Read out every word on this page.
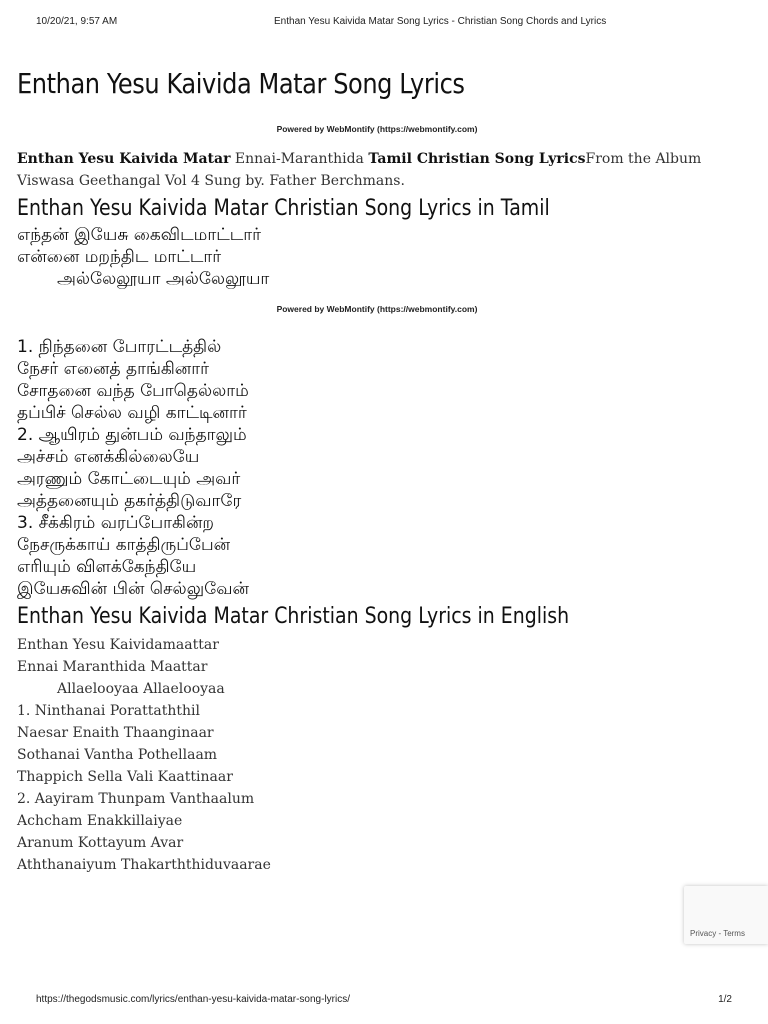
10/20/21, 9:57 AM	Enthan Yesu Kaivida Matar Song Lyrics - Christian Song Chords and Lyrics
Enthan Yesu Kaivida Matar Song Lyrics

Powered by WebMontify (https://webmontify.com)

Enthan Yesu Kaivida Matar Ennai-Maranthida Tamil Christian Song LyricsFrom the Album Viswasa Geethangal Vol 4 Sung by. Father Berchmans.

Enthan Yesu Kaivida Matar Christian Song Lyrics in Tamil
எந்தன் இயேசு கைவிடமாட்டார்
என்னை மறந்திட மாட்டார்
அல்லேலூயா அல்லேலூயா

Powered by WebMontify (https://webmontify.com)

1. நிந்தனை போரட்டத்தில்
நேசர் எனைத் தாங்கினார்
சோதனை வந்த போதெல்லாம்
தப்பிச் செல்ல வழி காட்டினார்
2. ஆயிரம் துன்பம் வந்தாலும்
அச்சம் எனக்கில்லையே
அரணும் கோட்டையும் அவர்
அத்தனையும் தகர்த்திடுவாரே
3. சீக்கிரம் வரப்போகின்ற
நேசருக்காய் காத்திருப்பேன்
எரியும் விளக்கேந்தியே
இயேசுவின் பின் செல்லுவேன்
Enthan Yesu Kaivida Matar Christian Song Lyrics in English
Enthan Yesu Kaividamaattar
Ennai Maranthida Maattar
Allaelooyaa Allaelooyaa
1. Ninthanai Porattaththil
Naesar Enaith Thaanginaar
Sothanai Vantha Pothellaam
Thappich Sella Vali Kaattinaar
2. Aayiram Thunpam Vanthaalum
Achcham Enakkillaiyae
Aranum Kottayum Avar
Aththanaiyum Thakarththiduvaarae
Privacy - Terms
https://thegodsmusic.com/lyrics/enthan-yesu-kaivida-matar-song-lyrics/	1/2
